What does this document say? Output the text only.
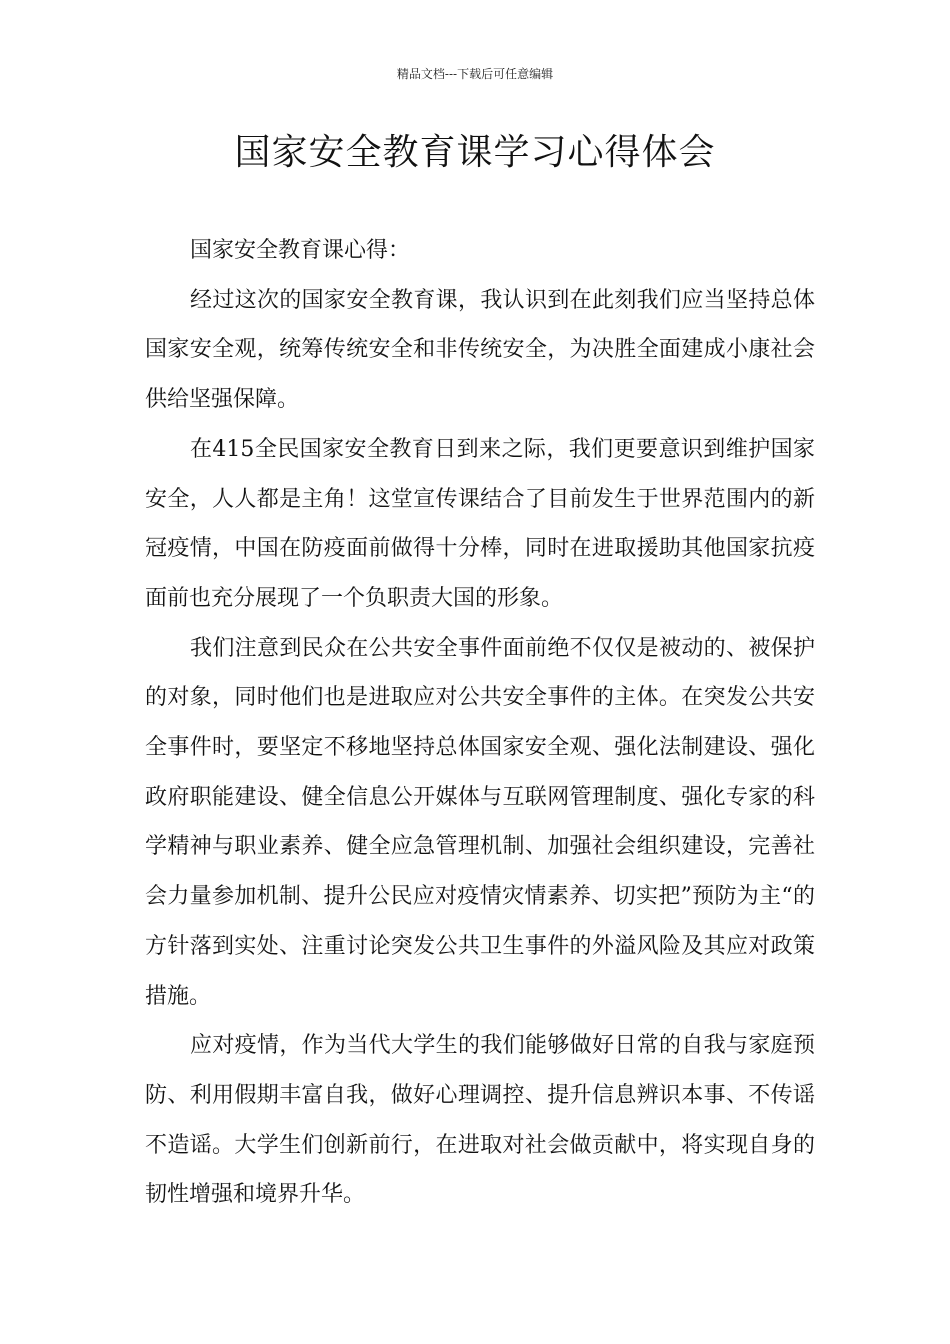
精品文档---下载后可任意编辑
国家安全教育课学习心得体会

国家安全教育课心得：

经过这次的国家安全教育课，我认识到在此刻我们应当坚持总体国家安全观，统筹传统安全和非传统安全，为决胜全面建成小康社会供给坚强保障。

在415全民国家安全教育日到来之际，我们更要意识到维护国家安全，人人都是主角！这堂宣传课结合了目前发生于世界范围内的新冠疫情，中国在防疫面前做得十分棒，同时在进取援助其他国家抗疫面前也充分展现了一个负职责大国的形象。

我们注意到民众在公共安全事件面前绝不仅仅是被动的、被保护的对象，同时他们也是进取应对公共安全事件的主体。在突发公共安全事件时，要坚定不移地坚持总体国家安全观、强化法制建设、强化政府职能建设、健全信息公开媒体与互联网管理制度、强化专家的科学精神与职业素养、健全应急管理机制、加强社会组织建设，完善社会力量参加机制、提升公民应对疫情灾情素养、切实把”预防为主“的方针落到实处、注重讨论突发公共卫生事件的外溢风险及其应对政策措施。

应对疫情，作为当代大学生的我们能够做好日常的自我与家庭预防、利用假期丰富自我，做好心理调控、提升信息辨识本事、不传谣不造谣。大学生们创新前行，在进取对社会做贡献中，将实现自身的韧性增强和境界升华。
